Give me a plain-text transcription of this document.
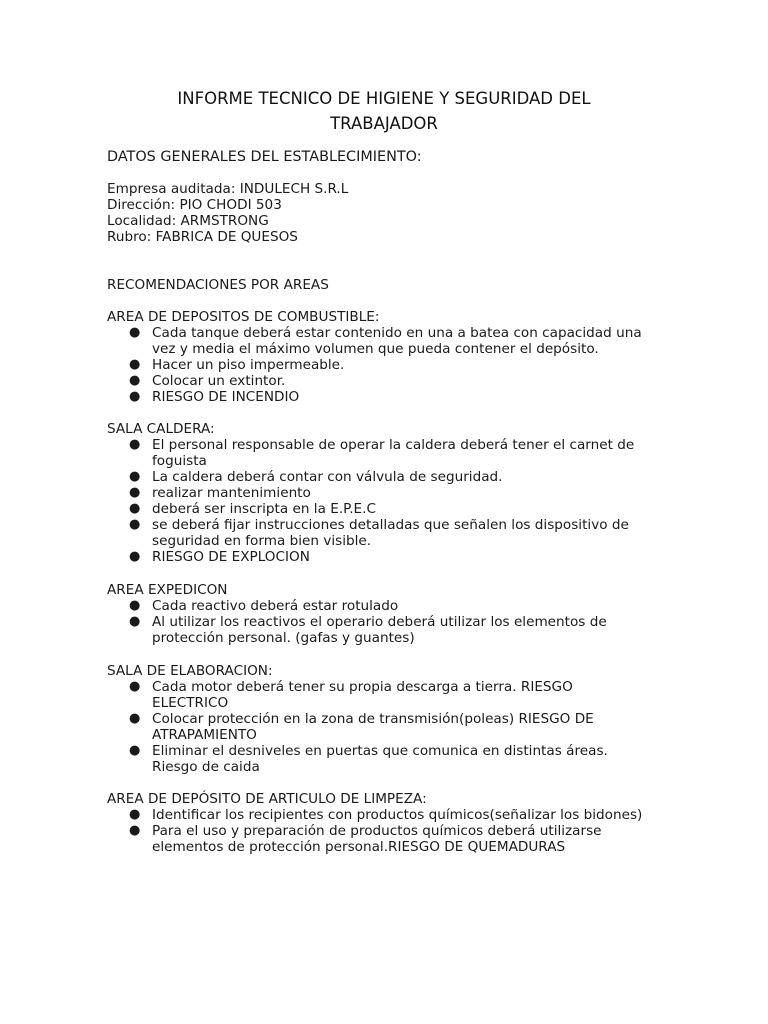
INFORME TECNICO DE HIGIENE Y SEGURIDAD DEL
TRABAJADOR
DATOS GENERALES DEL ESTABLECIMIENTO:
Empresa auditada: INDULECH S.R.L
Dirección: PIO CHODI 503
Localidad: ARMSTRONG
Rubro: FABRICA DE QUESOS
RECOMENDACIONES POR AREAS
AREA DE DEPOSITOS DE COMBUSTIBLE:
● Cada tanque deberá estar contenido en una a batea con capacidad una
vez y media el máximo volumen que pueda contener el depósito.
● Hacer un piso impermeable.
● Colocar un extintor.
● RIESGO DE INCENDIO
SALA CALDERA:
● El personal responsable de operar la caldera deberá tener el carnet de
foguista
● La caldera deberá contar con válvula de seguridad.
● realizar mantenimiento
● deberá ser inscripta en la E.P.E.C
● se deberá fijar instrucciones detalladas que señalen los dispositivo de
seguridad en forma bien visible.
● RIESGO DE EXPLOCION
AREA EXPEDICON
● Cada reactivo deberá estar rotulado
● Al utilizar los reactivos el operario deberá utilizar los elementos de
protección personal. (gafas y guantes)
SALA DE ELABORACION:
● Cada motor deberá tener su propia descarga a tierra. RIESGO
ELECTRICO
● Colocar protección en la zona de transmisión(poleas) RIESGO DE
ATRAPAMIENTO
● Eliminar el desniveles en puertas que comunica en distintas áreas.
Riesgo de caida
AREA DE DEPÓSITO DE ARTICULO DE LIMPEZA:
● Identificar los recipientes con productos químicos(señalizar los bidones)
● Para el uso y preparación de productos químicos deberá utilizarse
elementos de protección personal.RIESGO DE QUEMADURAS
